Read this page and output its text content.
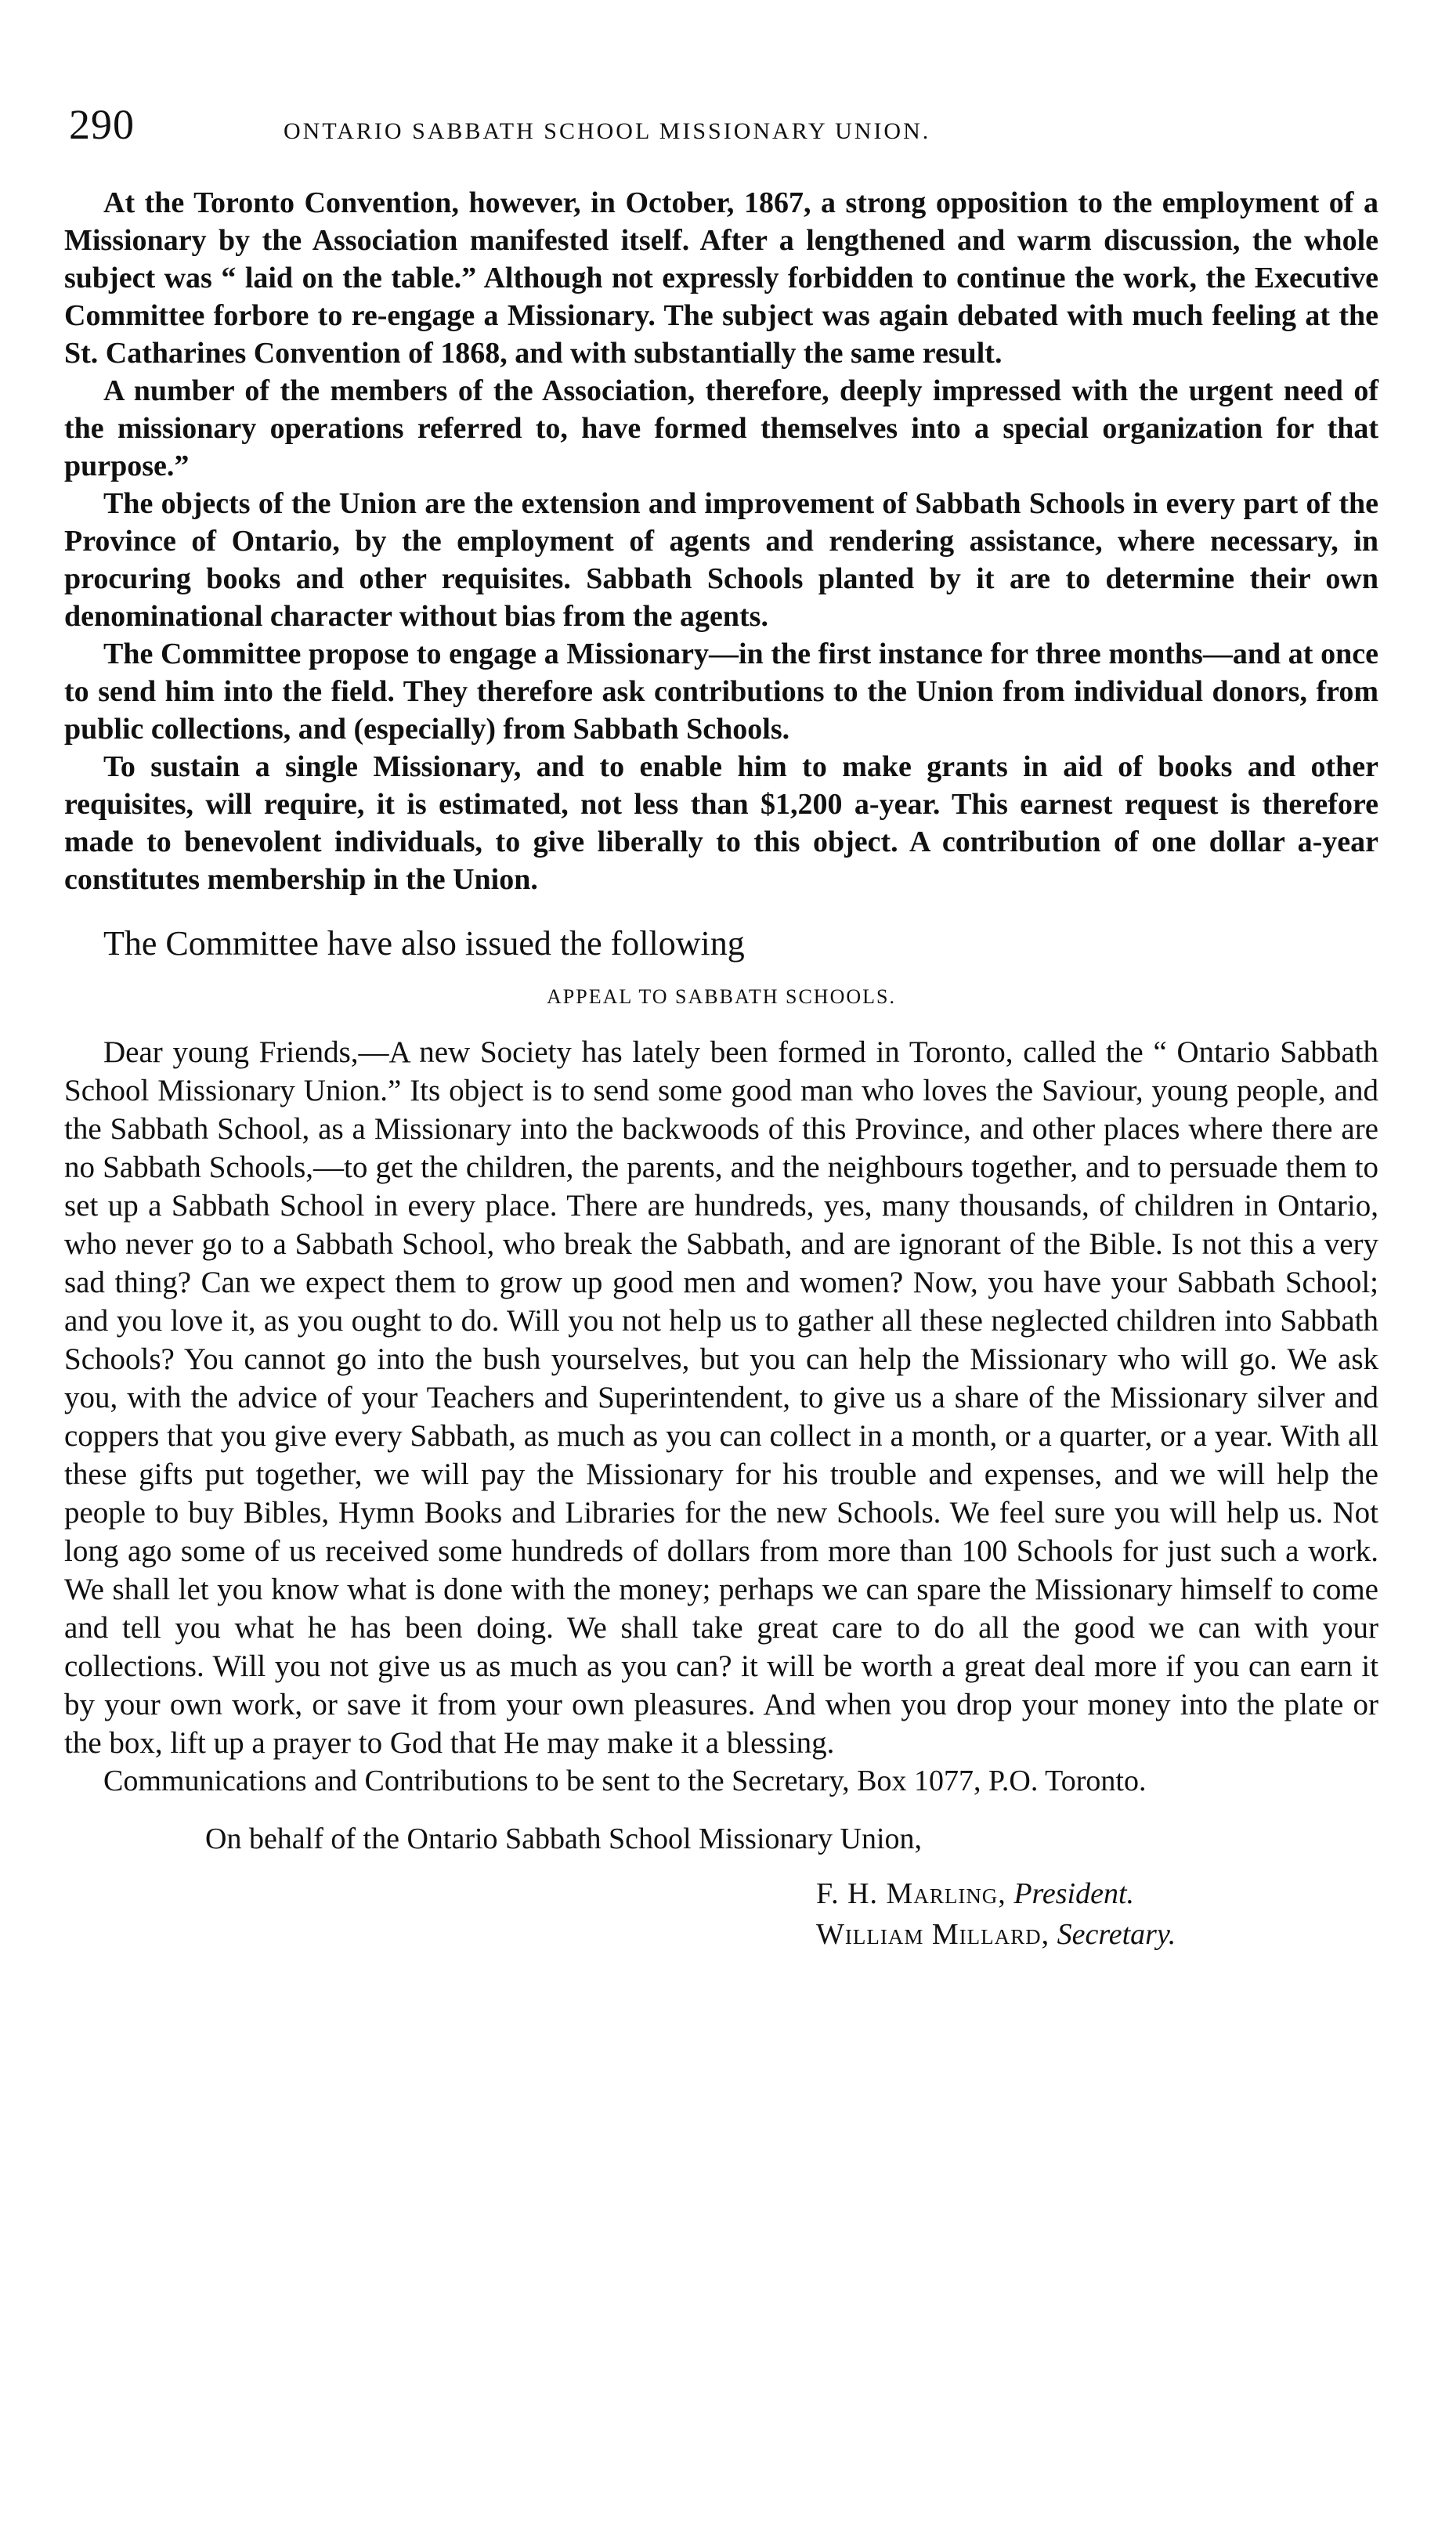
290	ONTARIO SABBATH SCHOOL MISSIONARY UNION.

At the Toronto Convention, however, in October, 1867, a strong opposition to the employment of a Missionary by the Association manifested itself. After a lengthened and warm discussion, the whole subject was “ laid on the table.” Although not expressly forbidden to continue the work, the Executive Committee forbore to re-engage a Missionary. The subject was again debated with much feeling at the St. Catharines Convention of 1868, and with substantially the same result.

A number of the members of the Association, therefore, deeply impressed with the urgent need of the missionary operations referred to, have formed themselves into a special organization for that purpose.”

The objects of the Union are the extension and improvement of Sabbath Schools in every part of the Province of Ontario, by the employment of agents and rendering assistance, where necessary, in procuring books and other requisites. Sabbath Schools planted by it are to determine their own denominational character without bias from the agents.

The Committee propose to engage a Missionary—in the first instance for three months—and at once to send him into the field. They therefore ask contributions to the Union from individual donors, from public collections, and (especially) from Sabbath Schools.

To sustain a single Missionary, and to enable him to make grants in aid of books and other requisites, will require, it is estimated, not less than $1,200 a-year. This earnest request is therefore made to benevolent individuals, to give liberally to this object. A contribution of one dollar a-year constitutes membership in the Union.

The Committee have also issued the following

APPEAL TO SABBATH SCHOOLS.

Dear young Friends,—A new Society has lately been formed in Toronto, called the “ Ontario Sabbath School Missionary Union.” Its object is to send some good man who loves the Saviour, young people, and the Sabbath School, as a Missionary into the backwoods of this Province, and other places where there are no Sabbath Schools,—to get the children, the parents, and the neighbours together, and to persuade them to set up a Sabbath School in every place. There are hundreds, yes, many thousands, of children in Ontario, who never go to a Sabbath School, who break the Sabbath, and are ignorant of the Bible. Is not this a very sad thing? Can we expect them to grow up good men and women? Now, you have your Sabbath School; and you love it, as you ought to do. Will you not help us to gather all these neglected children into Sabbath Schools? You cannot go into the bush yourselves, but you can help the Missionary who will go. We ask you, with the advice of your Teachers and Superintendent, to give us a share of the Missionary silver and coppers that you give every Sabbath, as much as you can collect in a month, or a quarter, or a year. With all these gifts put together, we will pay the Missionary for his trouble and expenses, and we will help the people to buy Bibles, Hymn Books and Libraries for the new Schools. We feel sure you will help us. Not long ago some of us received some hundreds of dollars from more than 100 Schools for just such a work. We shall let you know what is done with the money; perhaps we can spare the Missionary himself to come and tell you what he has been doing. We shall take great care to do all the good we can with your collections. Will you not give us as much as you can? it will be worth a great deal more if you can earn it by your own work, or save it from your own pleasures. And when you drop your money into the plate or the box, lift up a prayer to God that He may make it a blessing.

Communications and Contributions to be sent to the Secretary, Box 1077, P.O. Toronto.

On behalf of the Ontario Sabbath School Missionary Union,
F. H. Marling, President.
William Millard, Secretary.
